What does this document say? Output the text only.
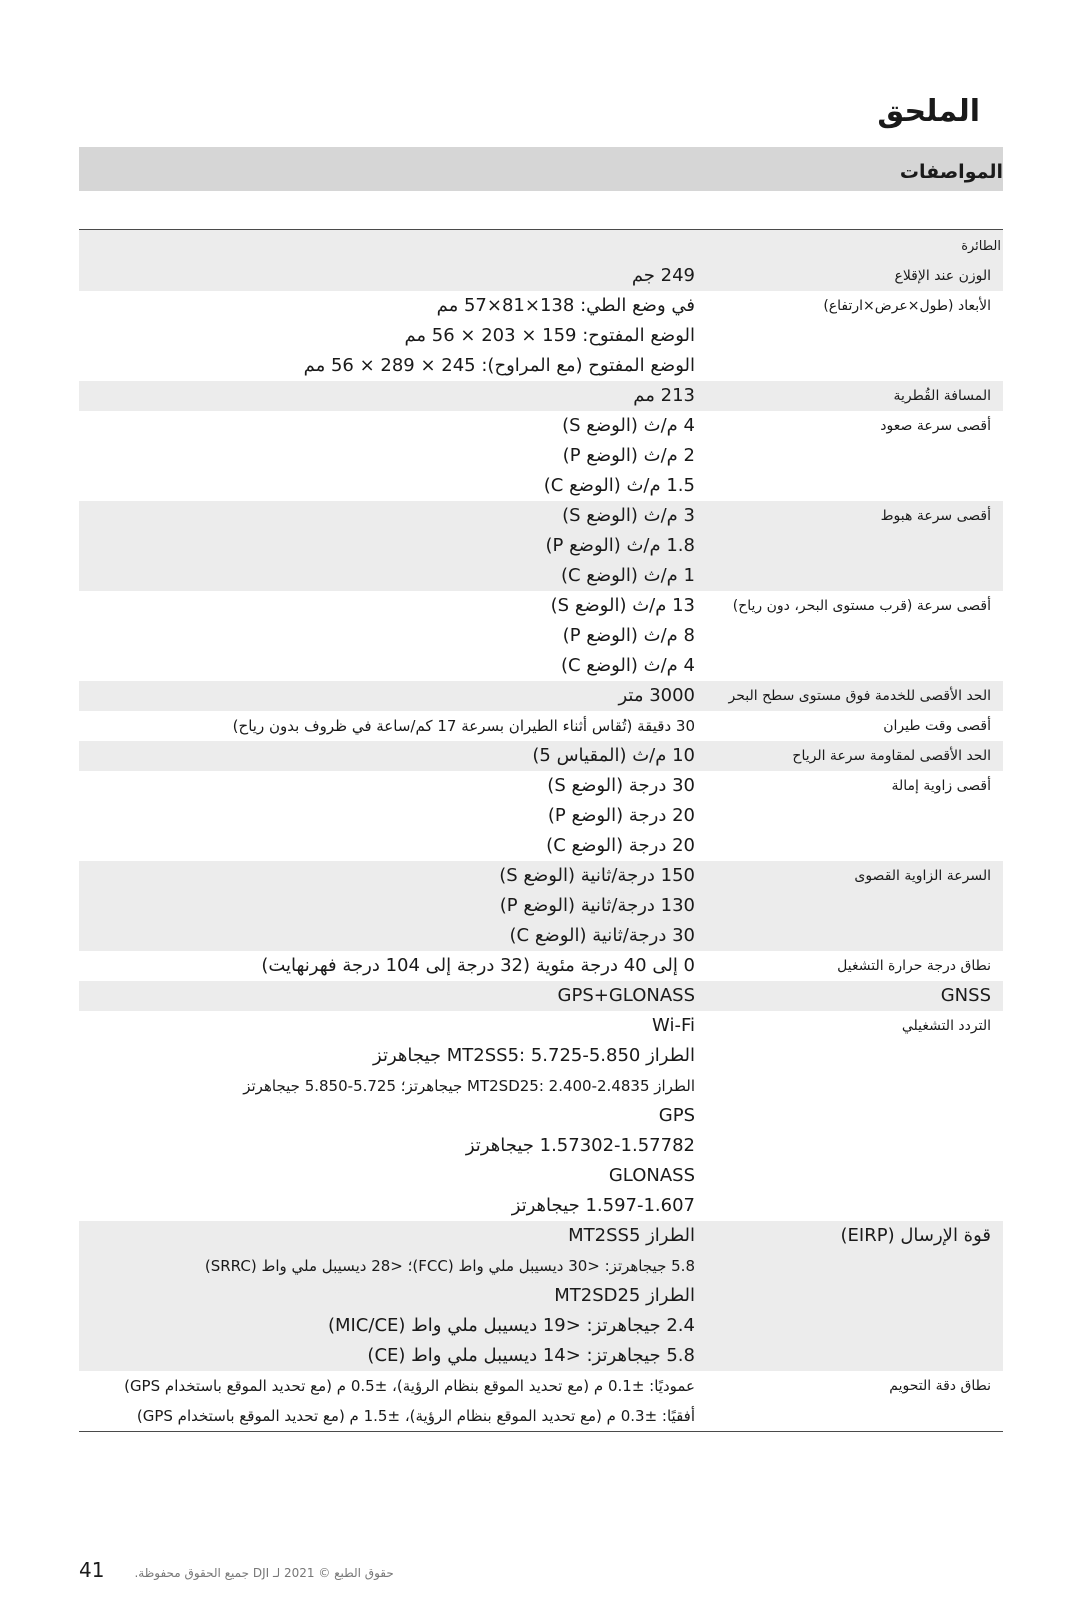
الملحق
المواصفات
الطائرة
الوزن عند الإقلاع
249 جم
الأبعاد (طول×عرض×ارتفاع)
في وضع الطي: 138×81×57 مم
الوضع المفتوح: 159 × 203 × 56 مم
الوضع المفتوح (مع المراوح): 245 × 289 × 56 مم
المسافة القُطرية
213 مم
أقصى سرعة صعود
4 م/ث (الوضع S)
2 م/ث (الوضع P)
1.5 م/ث (الوضع C)
أقصى سرعة هبوط
3 م/ث (الوضع S)
1.8 م/ث (الوضع P)
1 م/ث (الوضع C)
أقصى سرعة (قرب مستوى البحر، دون رياح)
13 م/ث (الوضع S)
8 م/ث (الوضع P)
4 م/ث (الوضع C)
الحد الأقصى للخدمة فوق مستوى سطح البحر
3000 متر
أقصى وقت طيران
30 دقيقة (تُقاس أثناء الطيران بسرعة 17 كم/ساعة في ظروف بدون رياح)
الحد الأقصى لمقاومة سرعة الرياح
10 م/ث (المقياس 5)
أقصى زاوية إمالة
30 درجة (الوضع S)
20 درجة (الوضع P)
20 درجة (الوضع C)
السرعة الزاوية القصوى
150 درجة/ثانية (الوضع S)
130 درجة/ثانية (الوضع P)
30 درجة/ثانية (الوضع C)
نطاق درجة حرارة التشغيل
0 إلى 40 درجة مئوية (32 درجة إلى 104 درجة فهرنهايت)
GNSS
GPS+GLONASS
التردد التشغيلي
Wi-Fi
الطراز MT2SS5: 5.725-5.850 جيجاهرتز
الطراز MT2SD25: 2.400-2.4835 جيجاهرتز؛ 5.725-5.850 جيجاهرتز
GPS
1.57302-1.57782 جيجاهرتز
GLONASS
1.597-1.607 جيجاهرتز
قوة الإرسال (EIRP)
الطراز MT2SS5
5.8 جيجاهرتز: <30 ديسيبل ملي واط (FCC)؛ <28 ديسيبل ملي واط (SRRC)
الطراز MT2SD25
2.4 جيجاهرتز: <19 ديسيبل ملي واط (MIC/CE)
5.8 جيجاهرتز: <14 ديسيبل ملي واط (CE)
نطاق دقة التحويم
عموديًا: ±0.1 م (مع تحديد الموقع بنظام الرؤية)، ±0.5 م (مع تحديد الموقع باستخدام GPS)
أفقيًا: ±0.3 م (مع تحديد الموقع بنظام الرؤية)، ±1.5 م (مع تحديد الموقع باستخدام GPS)
حقوق الطبع © 2021 لـ DJI جميع الحقوق محفوظة.
41
